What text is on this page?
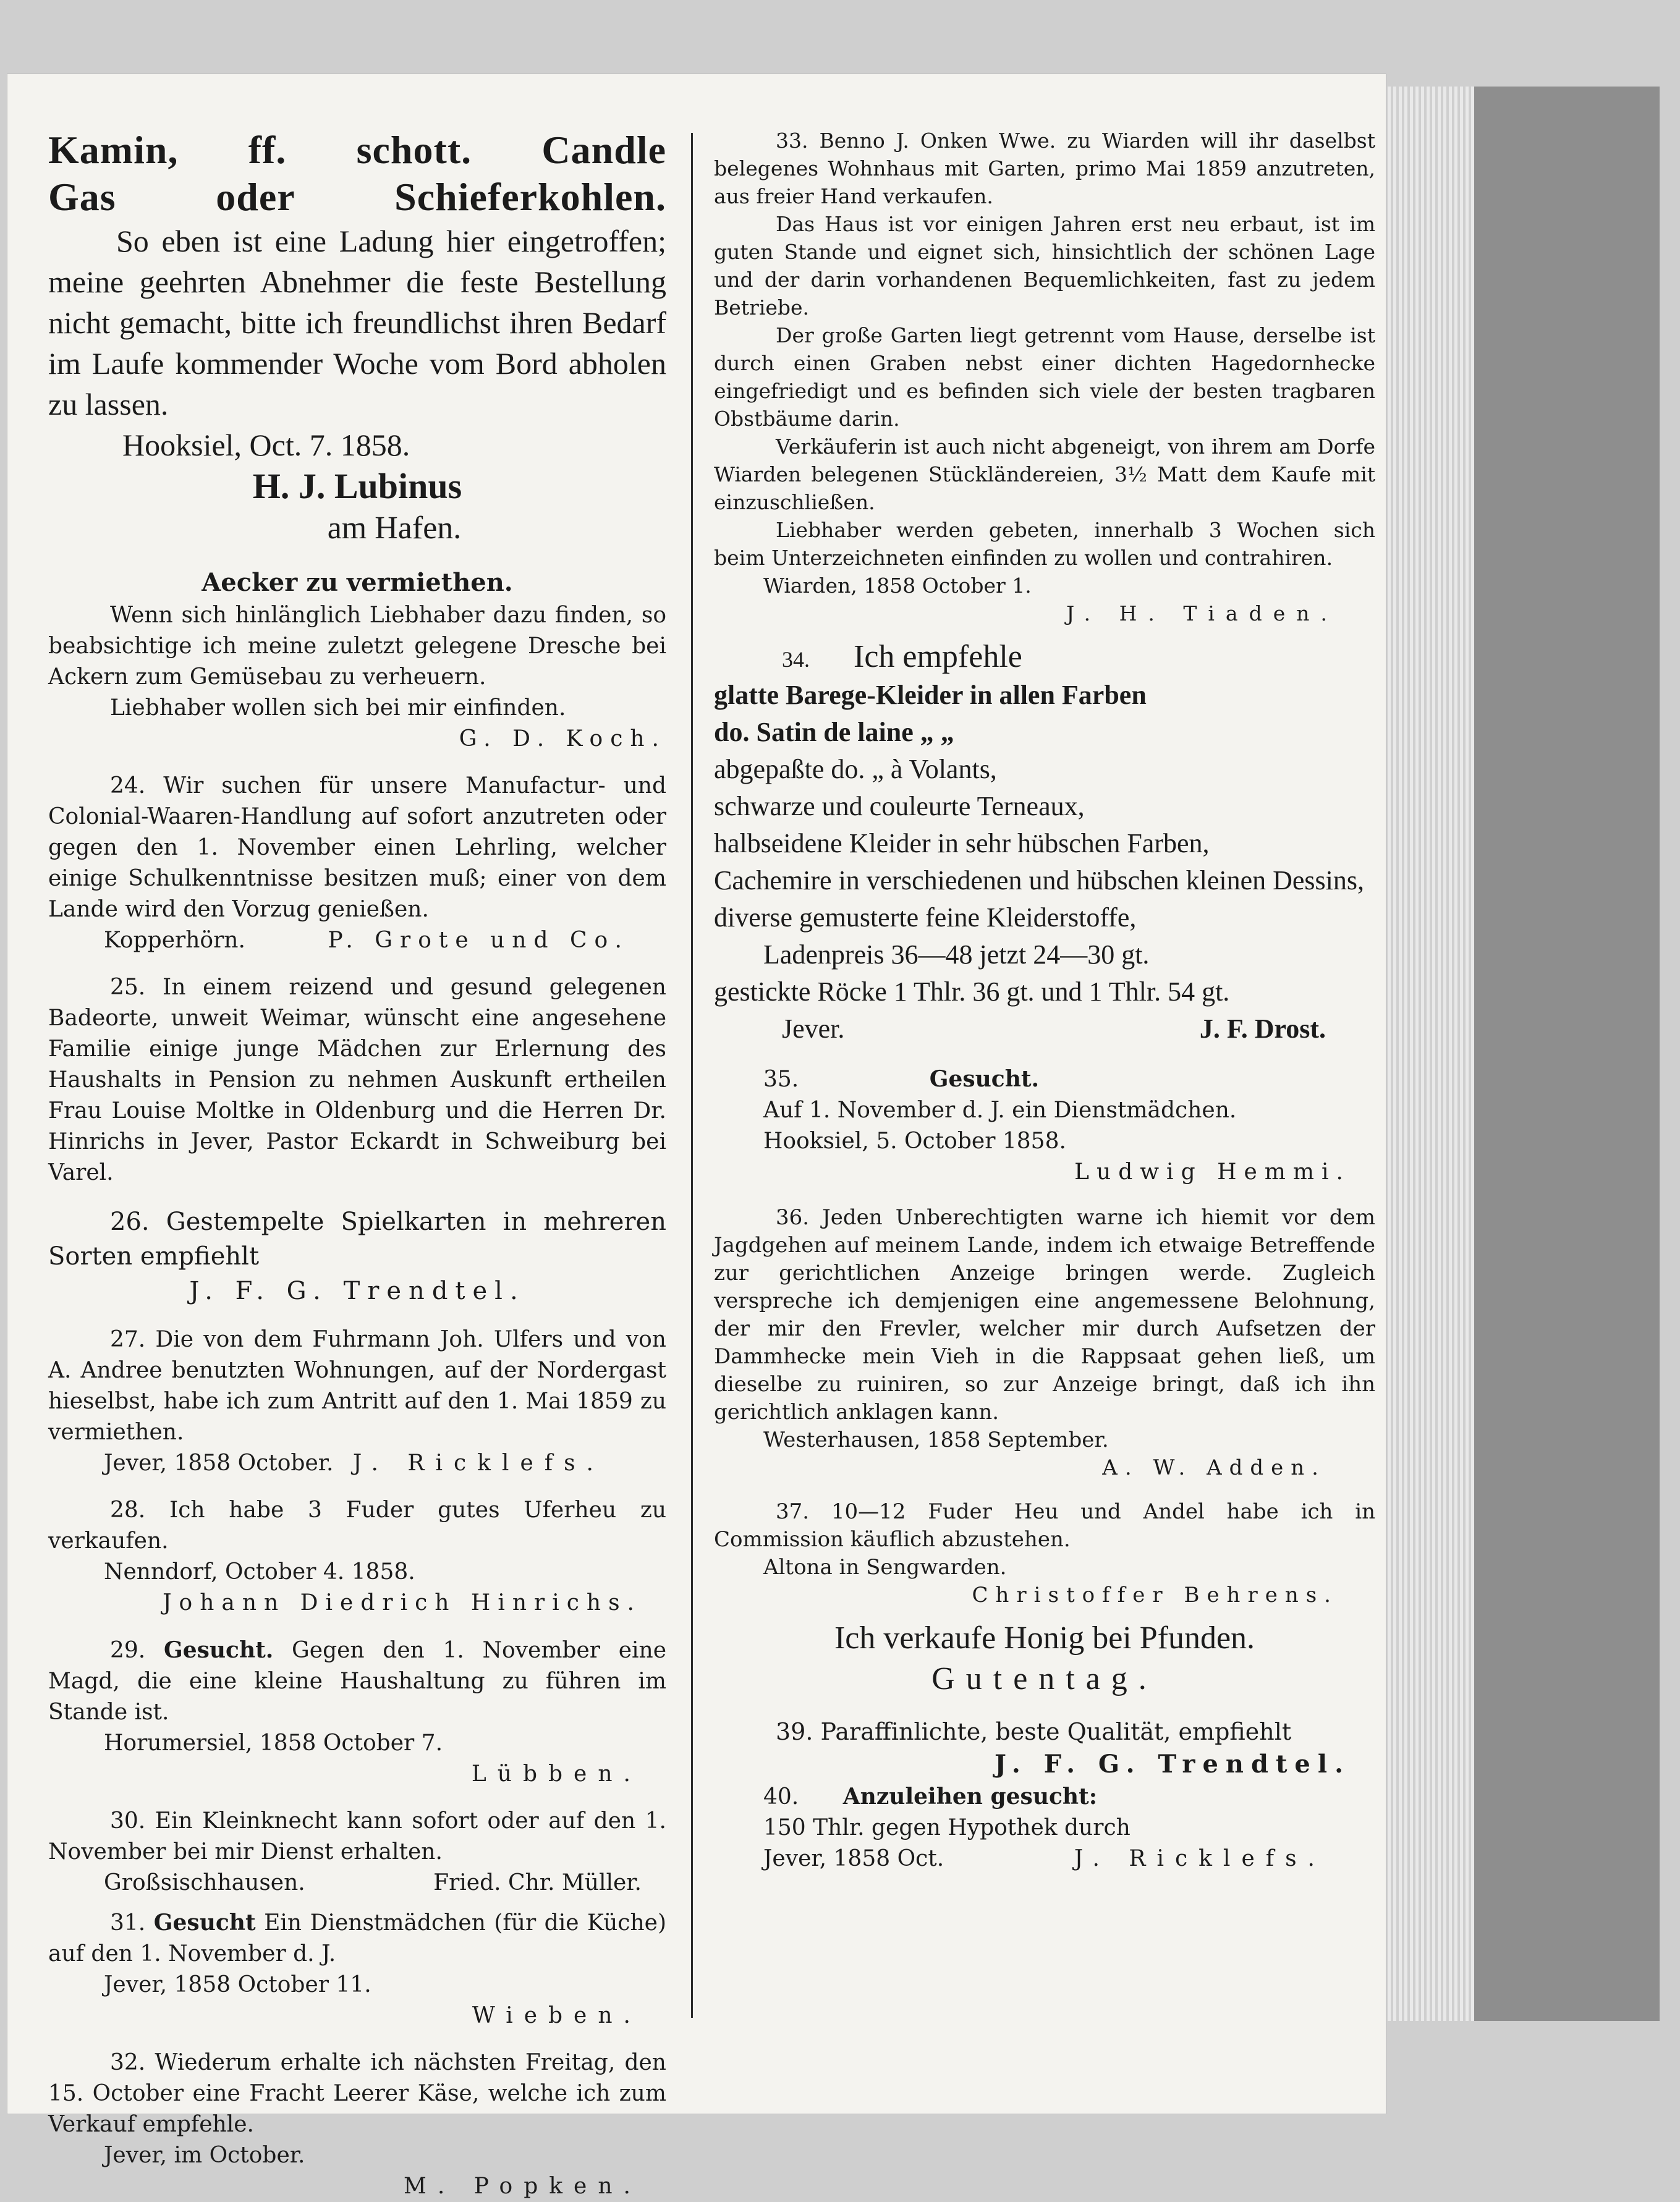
Kamin, ff. schott. Candle

Gas oder Schieferkohlen.

So eben ist eine Ladung hier eingetroffen; meine geehrten Abnehmer die feste Bestellung nicht gemacht, bitte ich freundlichst ihren Bedarf im Laufe kommender Woche vom Bord abholen zu lassen.

Hooksiel, Oct. 7. 1858.

H. J. Lubinus

am Hafen.

Aecker zu vermiethen.

Wenn sich hinlänglich Liebhaber dazu finden, so beabsichtige ich meine zuletzt gelegene Dresche bei Ackern zum Gemüsebau zu verheuern.

Liebhaber wollen sich bei mir einfinden.

G. D. Koch.

24. Wir suchen für unsere Manufactur- und Colonial-Waaren-Handlung auf sofort anzutreten oder gegen den 1. November einen Lehrling, welcher einige Schulkenntnisse besitzen muß; einer von dem Lande wird den Vorzug genießen.

Kopperhörn.	P. Grote und Co.

25. In einem reizend und gesund gelegenen Badeorte, unweit Weimar, wünscht eine angesehene Familie einige junge Mädchen zur Erlernung des Haushalts in Pension zu nehmen Auskunft ertheilen Frau Louise Moltke in Oldenburg und die Herren Dr. Hinrichs in Jever, Pastor Eckardt in Schweiburg bei Varel.

26. Gestempelte Spielkarten in mehreren Sorten empfiehlt

J. F. G. Trendtel.

27. Die von dem Fuhrmann Joh. Ulfers und von A. Andree benutzten Wohnungen, auf der Nordergast hieselbst, habe ich zum Antritt auf den 1. Mai 1859 zu vermiethen.

Jever, 1858 October. J. Ricklefs.

28. Ich habe 3 Fuder gutes Uferheu zu verkaufen.

Nenndorf, October 4. 1858.

Johann Diedrich Hinrichs.

29. Gesucht. Gegen den 1. November eine Magd, die eine kleine Haushaltung zu führen im Stande ist.

Horumersiel, 1858 October 7.

Lübben.

30. Ein Kleinknecht kann sofort oder auf den 1. November bei mir Dienst erhalten.

Großsischhausen.	Fried. Chr. Müller.

31. Gesucht Ein Dienstmädchen (für die Küche) auf den 1. November d. J.

Jever, 1858 October 11.

Wieben.

32. Wiederum erhalte ich nächsten Freitag, den 15. October eine Fracht Leerer Käse, welche ich zum Verkauf empfehle.

Jever, im October.

M. Popken.

33. Benno J. Onken Wwe. zu Wiarden will ihr daselbst belegenes Wohnhaus mit Garten, primo Mai 1859 anzutreten, aus freier Hand verkaufen.

Das Haus ist vor einigen Jahren erst neu erbaut, ist im guten Stande und eignet sich, hinsichtlich der schönen Lage und der darin vorhandenen Bequemlichkeiten, fast zu jedem Betriebe.

Der große Garten liegt getrennt vom Hause, derselbe ist durch einen Graben nebst einer dichten Hagedornhecke eingefriedigt und es befinden sich viele der besten tragbaren Obstbäume darin.

Verkäuferin ist auch nicht abgeneigt, von ihrem am Dorfe Wiarden belegenen Stückländereien, 3½ Matt dem Kaufe mit einzuschließen.

Liebhaber werden gebeten, innerhalb 3 Wochen sich beim Unterzeichneten einfinden zu wollen und contrahiren.

Wiarden, 1858 October 1.

J. H. Tiaden.

34. Ich empfehle

glatte Barege-Kleider in allen Farben

do. Satin de laine „ „

abgepaßte do. „ à Volants,

schwarze und couleurte Terneaux,

halbseidene Kleider in sehr hübschen Farben,

Cachemire in verschiedenen und hübschen kleinen Dessins,

diverse gemusterte feine Kleiderstoffe,

Ladenpreis 36—48 jetzt 24—30 gt.

gestickte Röcke 1 Thlr. 36 gt. und 1 Thlr. 54 gt.

Jever.	J. F. Drost.

35.	Gesucht.

Auf 1. November d. J. ein Dienstmädchen.

Hooksiel, 5. October 1858.

Ludwig Hemmi.

36. Jeden Unberechtigten warne ich hiemit vor dem Jagdgehen auf meinem Lande, indem ich etwaige Betreffende zur gerichtlichen Anzeige bringen werde. Zugleich verspreche ich demjenigen eine angemessene Belohnung, der mir den Frevler, welcher mir durch Aufsetzen der Dammhecke mein Vieh in die Rappsaat gehen ließ, um dieselbe zu ruiniren, so zur Anzeige bringt, daß ich ihn gerichtlich anklagen kann.

Westerhausen, 1858 September.

A. W. Adden.

37. 10—12 Fuder Heu und Andel habe ich in Commission käuflich abzustehen.

Altona in Sengwarden.

Christoffer Behrens.

Ich verkaufe Honig bei Pfunden.

Gutentag.

39. Paraffinlichte, beste Qualität, empfiehlt

J. F. G. Trendtel.

40. Anzuleihen gesucht:

150 Thlr. gegen Hypothek durch

Jever, 1858 Oct.	J. Ricklefs.
